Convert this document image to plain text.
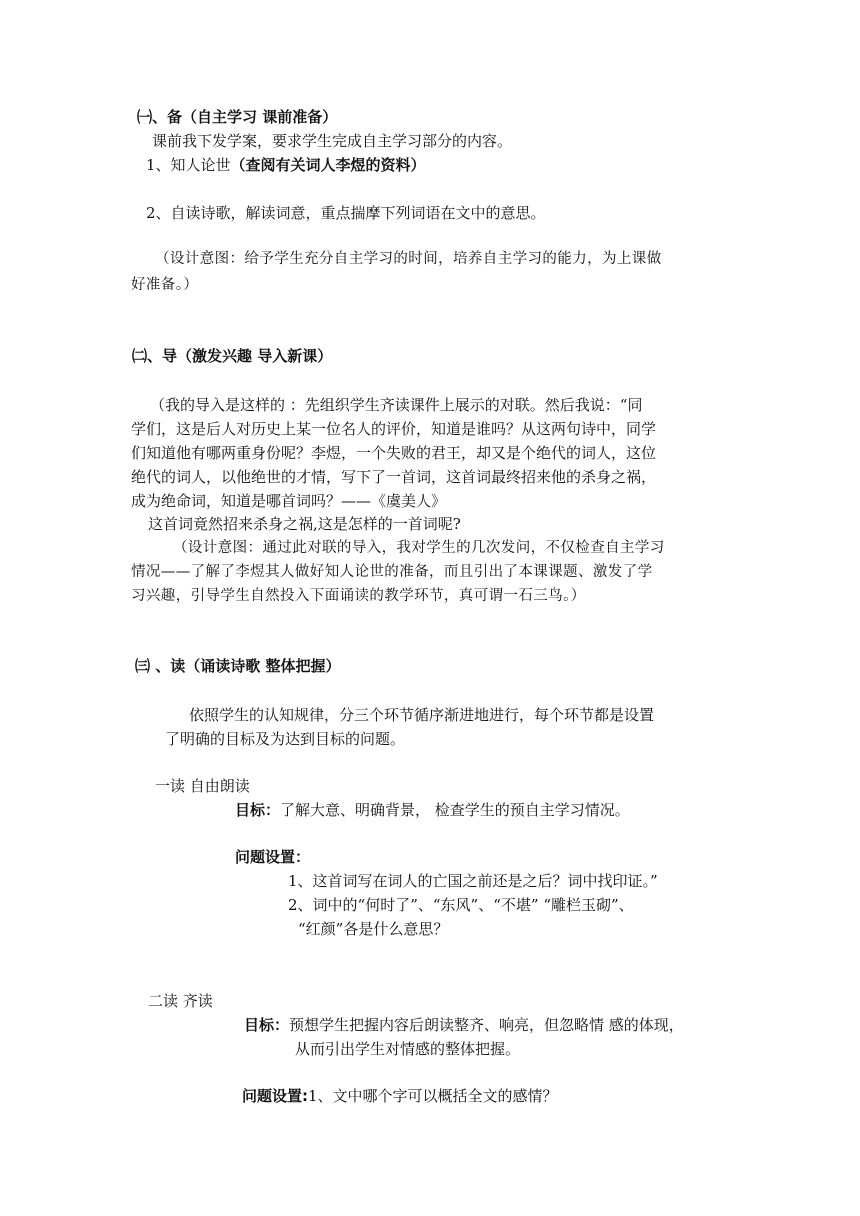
㈠、备（自主学习 课前准备）
课前我下发学案，要求学生完成自主学习部分的内容。
1、知人论世（查阅有关词人李煜的资料）
2、自读诗歌，解读词意，重点揣摩下列词语在文中的意思。
（设计意图：给予学生充分自主学习的时间，培养自主学习的能力，为上课做
好准备。）
㈡、导（激发兴趣 导入新课）
（我的导入是这样的 ：先组织学生齐读课件上展示的对联。然后我说：“同
学们，这是后人对历史上某一位名人的评价，知道是谁吗？从这两句诗中，同学
们知道他有哪两重身份呢？李煜，一个失败的君王，却又是个绝代的词人，这位
绝代的词人，以他绝世的才情，写下了一首词，这首词最终招来他的杀身之祸，
成为绝命词，知道是哪首词吗？——《虞美人》
这首词竟然招来杀身之祸,这是怎样的一首词呢?
（设计意图：通过此对联的导入，我对学生的几次发问，不仅检查自主学习
情况——了解了李煜其人做好知人论世的准备，而且引出了本课课题、激发了学
习兴趣，引导学生自然投入下面诵读的教学环节，真可谓一石三鸟。）
㈢ 、读（诵读诗歌 整体把握）
依照学生的认知规律，分三个环节循序渐进地进行，每个环节都是设置
了明确的目标及为达到目标的问题。
一读 自由朗读
目标：了解大意、明确背景， 检查学生的预自主学习情况。
问题设置：
1、这首词写在词人的亡国之前还是之后？词中找印证。”
2、词中的“何时了”、“东风”、“不堪” “雕栏玉砌”、
“红颜”各是什么意思？
二读 齐读
目标：预想学生把握内容后朗读整齐、响亮，但忽略情 感的体现，
从而引出学生对情感的整体把握。
问题设置:1、文中哪个字可以概括全文的感情？
